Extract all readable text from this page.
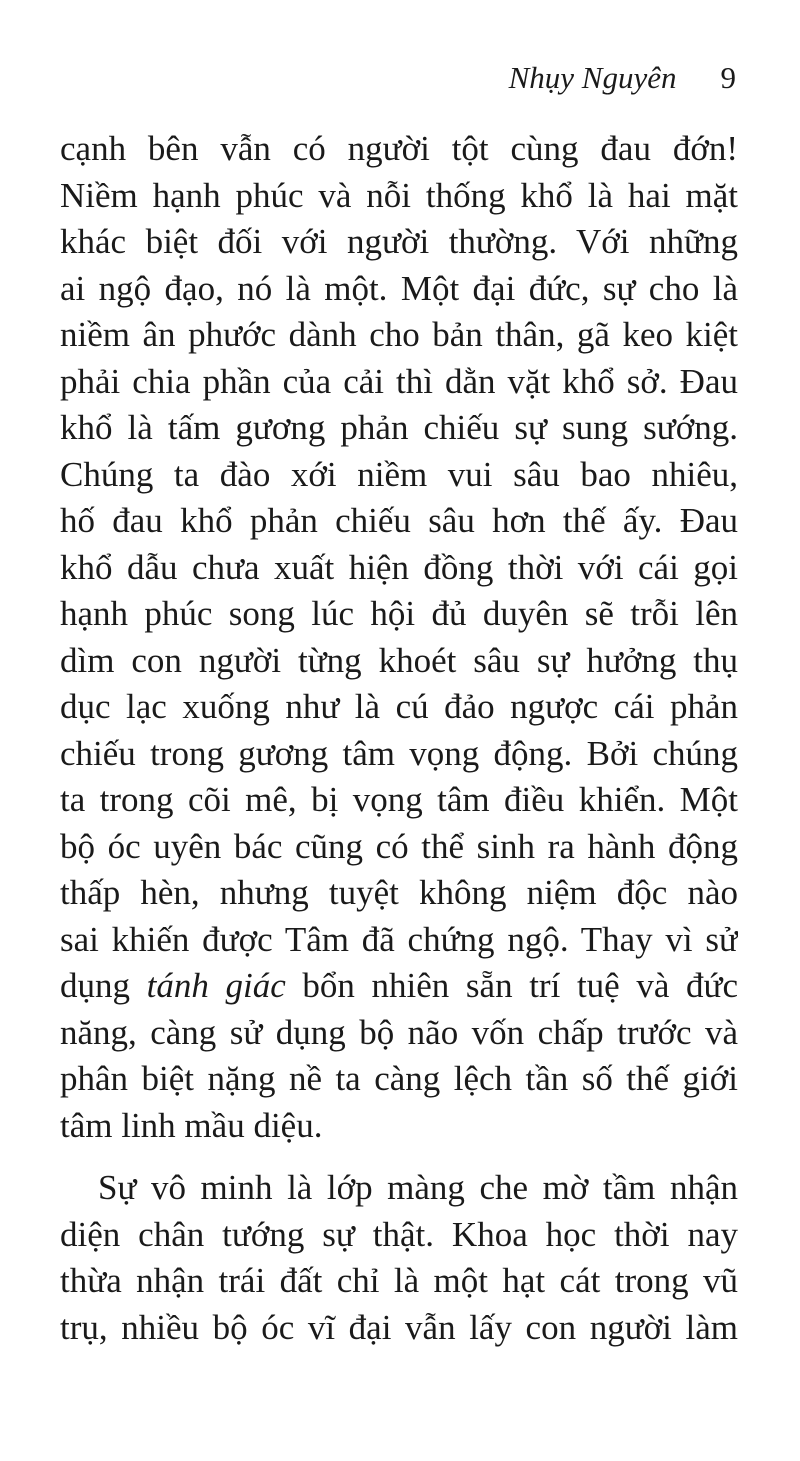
Nhụy Nguyên 9
cạnh bên vẫn có người tột cùng đau đớn!
Niềm hạnh phúc và nỗi thống khổ là hai mặt
khác biệt đối với người thường. Với những
ai ngộ đạo, nó là một. Một đại đức, sự cho là
niềm ân phước dành cho bản thân, gã keo kiệt
phải chia phần của cải thì dằn vặt khổ sở. Đau
khổ là tấm gương phản chiếu sự sung sướng.
Chúng ta đào xới niềm vui sâu bao nhiêu,
hố đau khổ phản chiếu sâu hơn thế ấy. Đau
khổ dẫu chưa xuất hiện đồng thời với cái gọi
hạnh phúc song lúc hội đủ duyên sẽ trỗi lên
dìm con người từng khoét sâu sự hưởng thụ
dục lạc xuống như là cú đảo ngược cái phản
chiếu trong gương tâm vọng động. Bởi chúng
ta trong cõi mê, bị vọng tâm điều khiển. Một
bộ óc uyên bác cũng có thể sinh ra hành động
thấp hèn, nhưng tuyệt không niệm độc nào
sai khiến được Tâm đã chứng ngộ. Thay vì sử
dụng tánh giác bổn nhiên sẵn trí tuệ và đức
năng, càng sử dụng bộ não vốn chấp trước và
phân biệt nặng nề ta càng lệch tần số thế giới
tâm linh mầu diệu.
Sự vô minh là lớp màng che mờ tầm nhận
diện chân tướng sự thật. Khoa học thời nay
thừa nhận trái đất chỉ là một hạt cát trong vũ
trụ, nhiều bộ óc vĩ đại vẫn lấy con người làm
